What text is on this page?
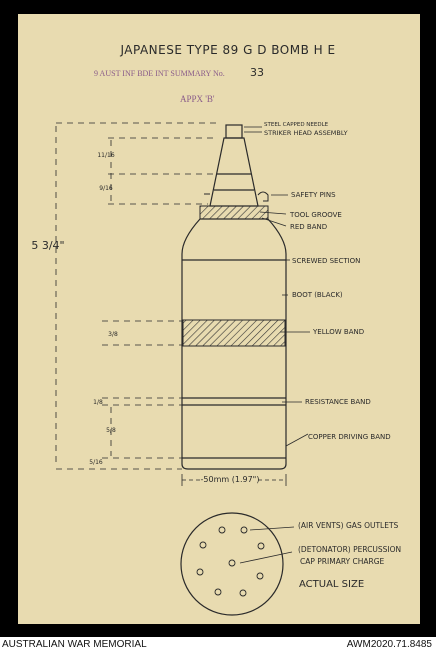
JAPANESE TYPE 89 G D BOMB H E
9 AUST INF BDE INT SUMMARY No. 33
APPX 'B'
5 3/4"
11/16
9/16
3/8
1/8
5/8
5/16
-50mm (1.97")
STEEL CAPPED NEEDLE
STRIKER HEAD ASSEMBLY
SAFETY PINS
TOOL GROOVE
RED BAND
SCREWED SECTION
BOOT (BLACK)
YELLOW BAND
RESISTANCE BAND
COPPER DRIVING BAND
(AIR VENTS) GAS OUTLETS
(DETONATOR) PERCUSSION
CAP PRIMARY CHARGE
ACTUAL SIZE
AUSTRALIAN WAR MEMORIAL	AWM2020.71.8485
